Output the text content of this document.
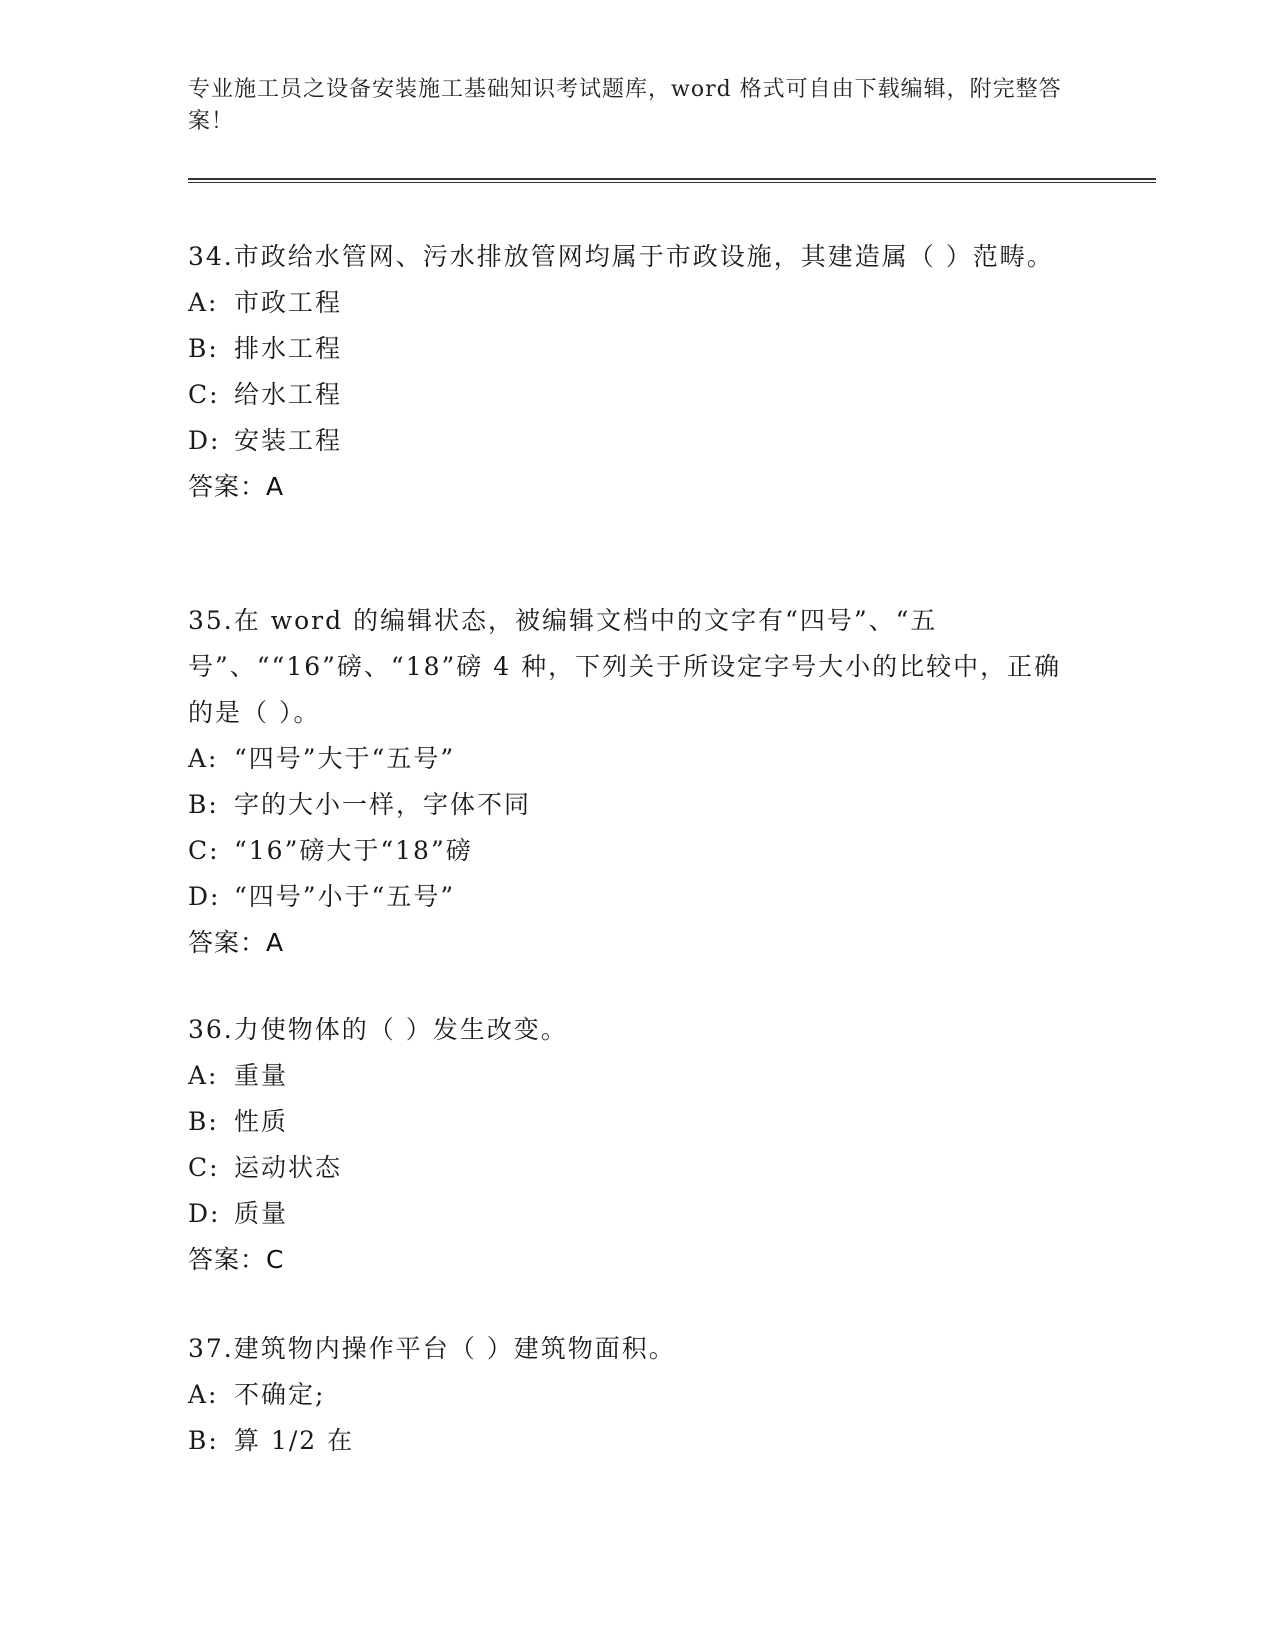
专业施工员之设备安装施工基础知识考试题库，word 格式可自由下载编辑，附完整答案！

34.市政给水管网、污水排放管网均属于市政设施，其建造属（ ）范畴。

A: 市政工程
B: 排水工程
C: 给水工程
D: 安装工程
答案：A

35.在 word 的编辑状态，被编辑文档中的文字有“四号”、“五号”、““16”磅、“18”磅 4 种，下列关于所设定字号大小的比较中，正确的是（ ）。

A: “四号”大于“五号”
B: 字的大小一样，字体不同
C: “16”磅大于“18”磅
D: “四号”小于“五号”
答案：A

36.力使物体的（ ）发生改变。

A: 重量
B: 性质
C: 运动状态
D: 质量
答案：C

37.建筑物内操作平台（ ）建筑物面积。

A: 不确定;
B: 算 1/2 在
